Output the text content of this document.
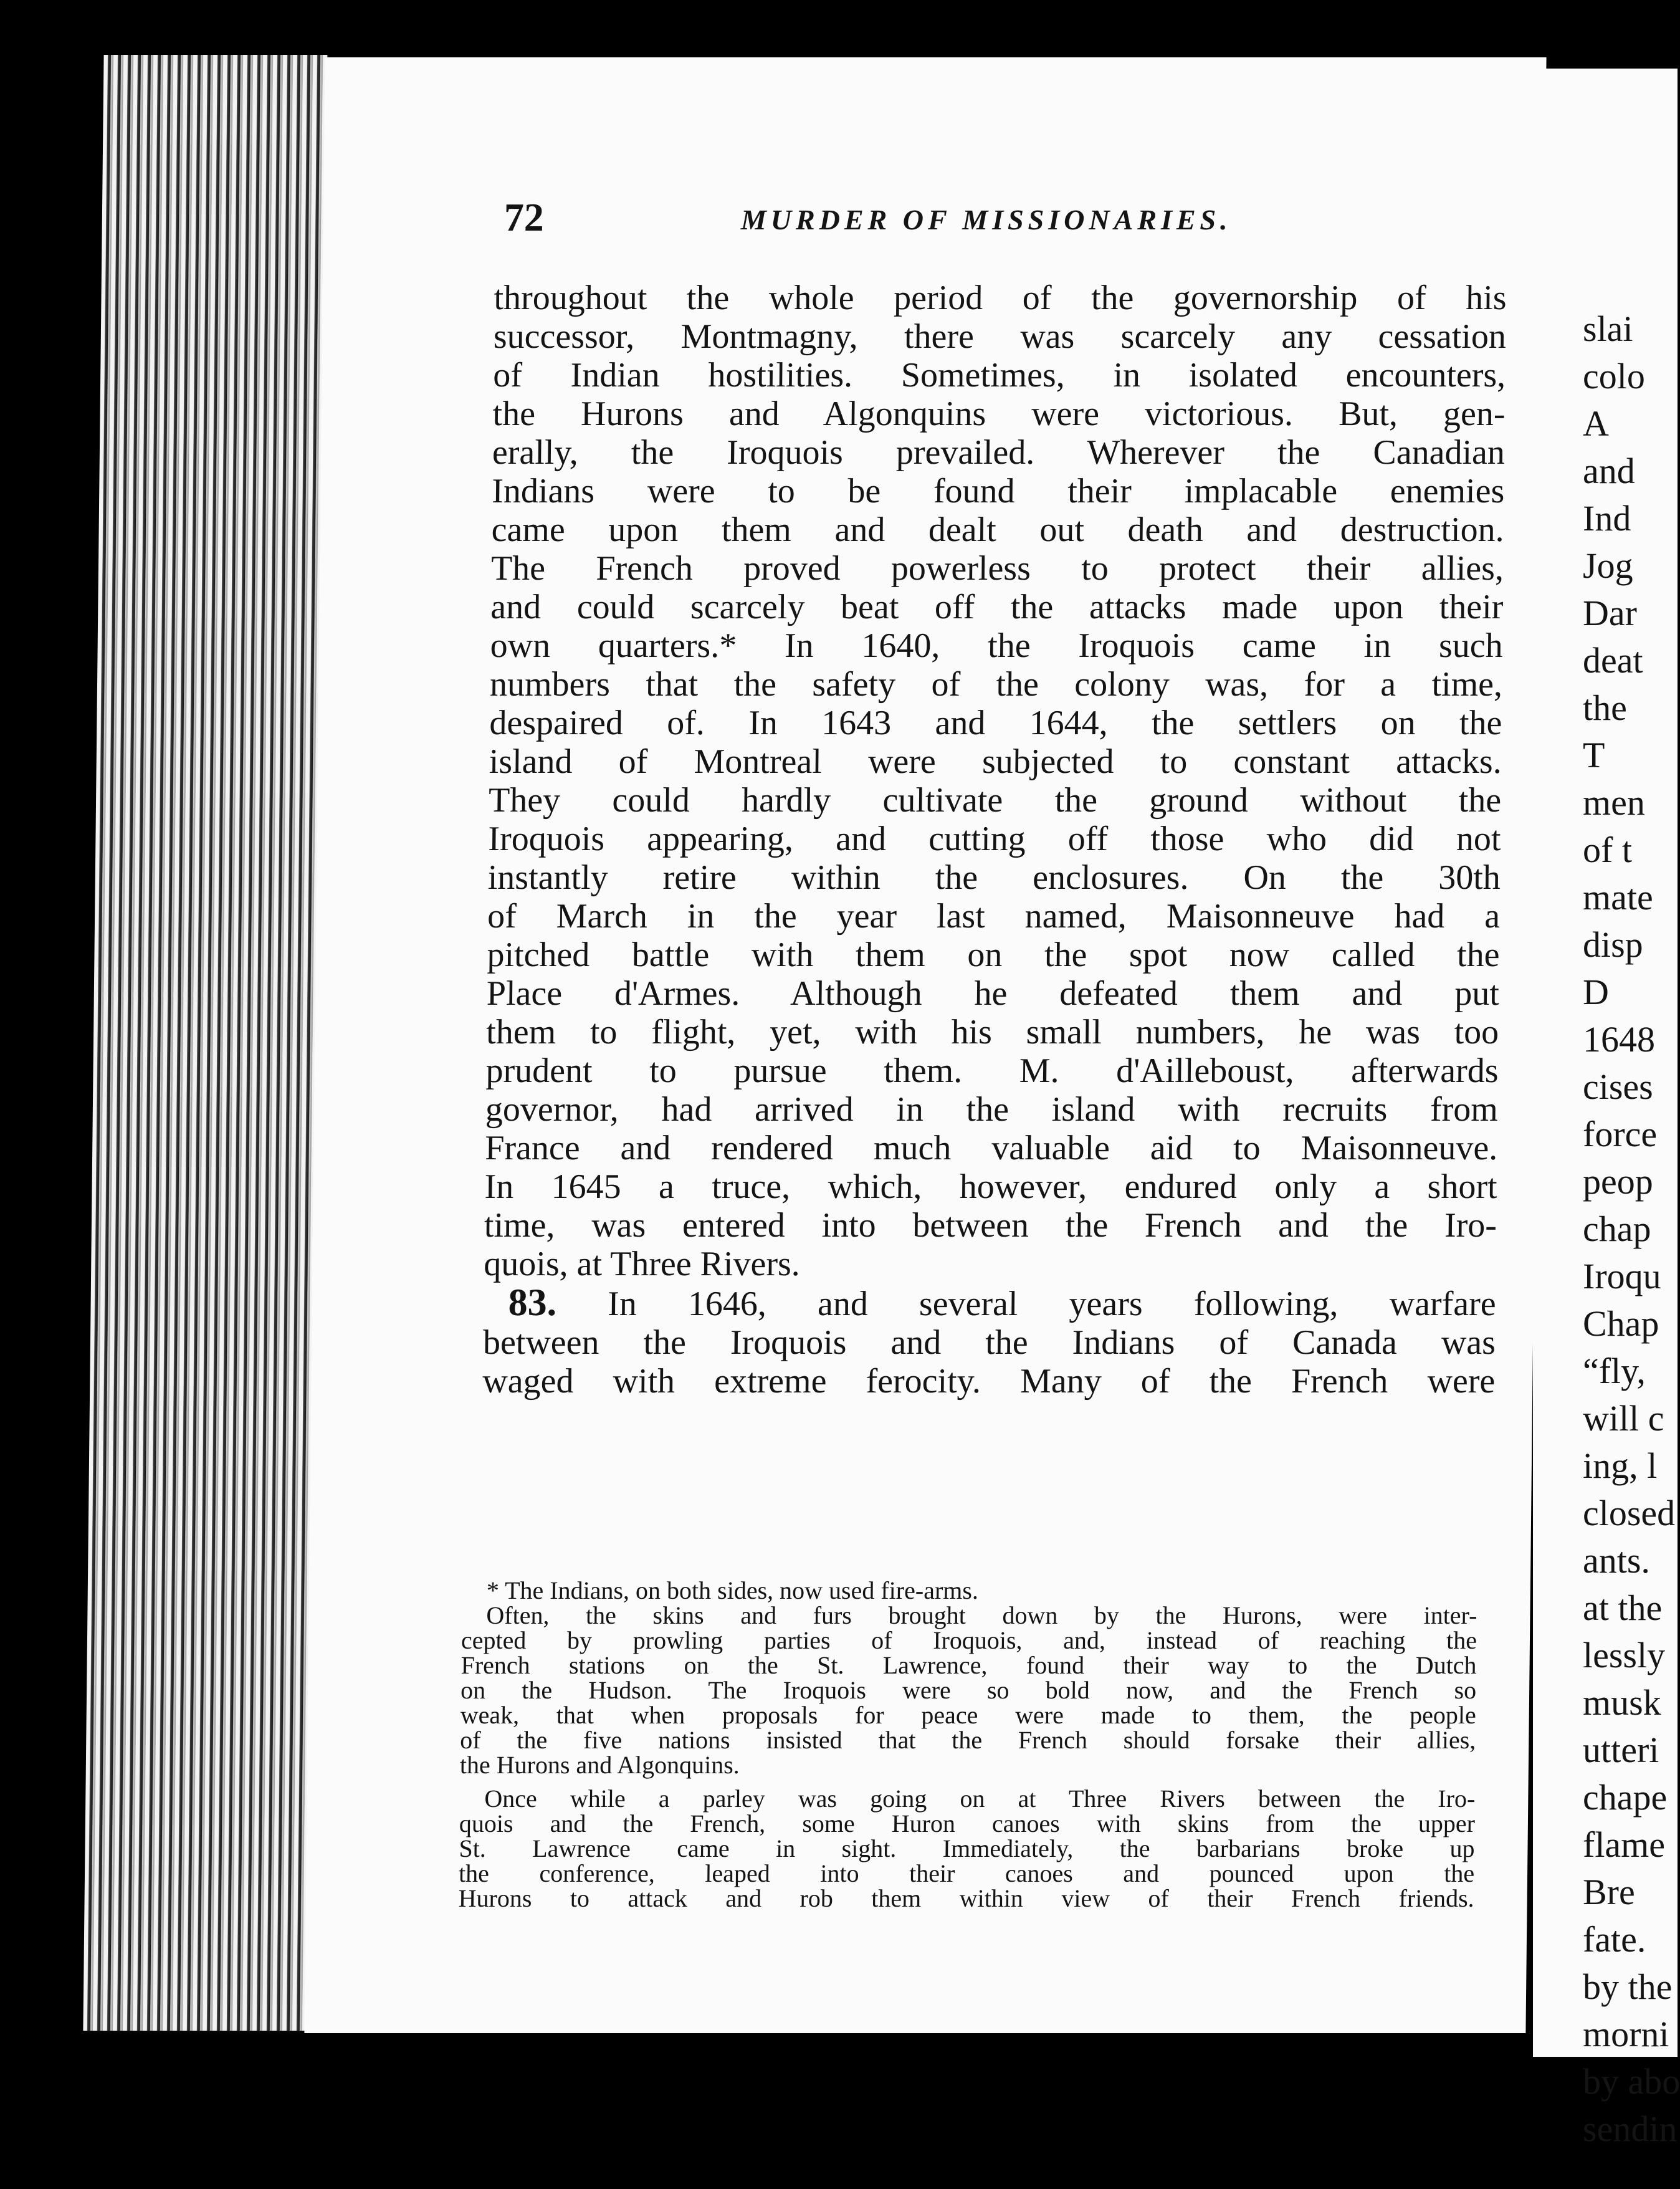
slai
colo
A
and
Ind
Jog
Dar
deat
the
T
men
of t
mate
disp
D
1648
cises
force
peop
chap
Iroqu
Chap
“fly,
will c
ing, l
closed
ants.
at the
lessly
musk
utteri
chape
flame
Bre
fate.
by the
morni
by abo
sendin
72	MURDER OF MISSIONARIES.
throughout the whole period of the governorship of his
successor, Montmagny, there was scarcely any cessation
of Indian hostilities. Sometimes, in isolated encounters,
the Hurons and Algonquins were victorious. But, gen-
erally, the Iroquois prevailed. Wherever the Canadian
Indians were to be found their implacable enemies
came upon them and dealt out death and destruction.
The French proved powerless to protect their allies,
and could scarcely beat off the attacks made upon their
own quarters.* In 1640, the Iroquois came in such
numbers that the safety of the colony was, for a time,
despaired of. In 1643 and 1644, the settlers on the
island of Montreal were subjected to constant attacks.
They could hardly cultivate the ground without the
Iroquois appearing, and cutting off those who did not
instantly retire within the enclosures. On the 30th
of March in the year last named, Maisonneuve had a
pitched battle with them on the spot now called the
Place d'Armes. Although he defeated them and put
them to flight, yet, with his small numbers, he was too
prudent to pursue them. M. d'Ailleboust, afterwards
governor, had arrived in the island with recruits from
France and rendered much valuable aid to Maisonneuve.
In 1645 a truce, which, however, endured only a short
time, was entered into between the French and the Iro-
quois, at Three Rivers.
83. In 1646, and several years following, warfare
between the Iroquois and the Indians of Canada was
waged with extreme ferocity. Many of the French were
* The Indians, on both sides, now used fire-arms.
Often, the skins and furs brought down by the Hurons, were inter-
cepted by prowling parties of Iroquois, and, instead of reaching the
French stations on the St. Lawrence, found their way to the Dutch
on the Hudson. The Iroquois were so bold now, and the French so
weak, that when proposals for peace were made to them, the people
of the five nations insisted that the French should forsake their allies,
the Hurons and Algonquins.
Once while a parley was going on at Three Rivers between the Iro-
quois and the French, some Huron canoes with skins from the upper
St. Lawrence came in sight. Immediately, the barbarians broke up
the conference, leaped into their canoes and pounced upon the
Hurons to attack and rob them within view of their French friends.
